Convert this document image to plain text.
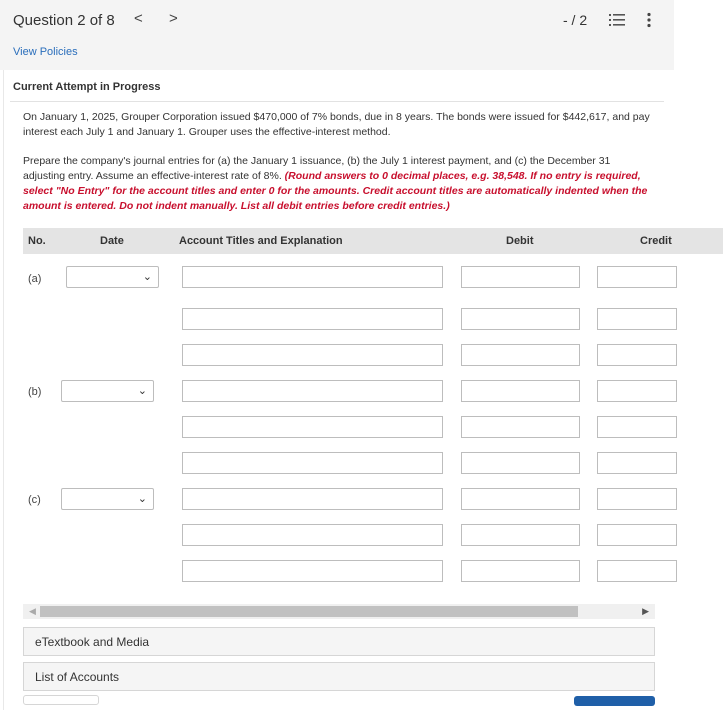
Question 2 of 8 < >	- / 2
View Policies
Current Attempt in Progress
On January 1, 2025, Grouper Corporation issued $470,000 of 7% bonds, due in 8 years. The bonds were issued for $442,617, and pay interest each July 1 and January 1. Grouper uses the effective-interest method.
Prepare the company's journal entries for (a) the January 1 issuance, (b) the July 1 interest payment, and (c) the December 31 adjusting entry. Assume an effective-interest rate of 8%. (Round answers to 0 decimal places, e.g. 38,548. If no entry is required, select "No Entry" for the account titles and enter 0 for the amounts. Credit account titles are automatically indented when the amount is entered. Do not indent manually. List all debit entries before credit entries.)
No.	Date	Account Titles and Explanation	Debit	Credit
(a)	⌄
(b)	⌄
(c)	⌄
◀	▶
eTextbook and Media
List of Accounts
